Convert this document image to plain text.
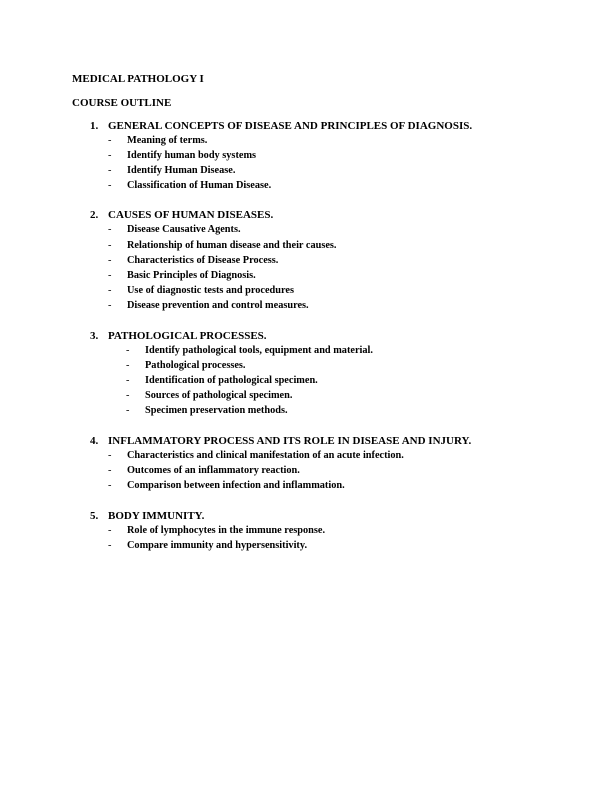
MEDICAL PATHOLOGY I
COURSE OUTLINE
1. GENERAL CONCEPTS OF DISEASE AND PRINCIPLES OF DIAGNOSIS.
- Meaning of terms.
- Identify human body systems
- Identify Human Disease.
- Classification of Human Disease.
2. CAUSES OF HUMAN DISEASES.
- Disease Causative Agents.
- Relationship of human disease and their causes.
- Characteristics of Disease Process.
- Basic Principles of Diagnosis.
- Use of diagnostic tests and procedures
- Disease prevention and control measures.
3. PATHOLOGICAL PROCESSES.
- Identify pathological tools, equipment and material.
- Pathological processes.
- Identification of pathological specimen.
- Sources of pathological specimen.
- Specimen preservation methods.
4. INFLAMMATORY PROCESS AND ITS ROLE IN DISEASE AND INJURY.
- Characteristics and clinical manifestation of an acute infection.
- Outcomes of an inflammatory reaction.
- Comparison between infection and inflammation.
5. BODY IMMUNITY.
- Role of lymphocytes in the immune response.
- Compare immunity and hypersensitivity.
